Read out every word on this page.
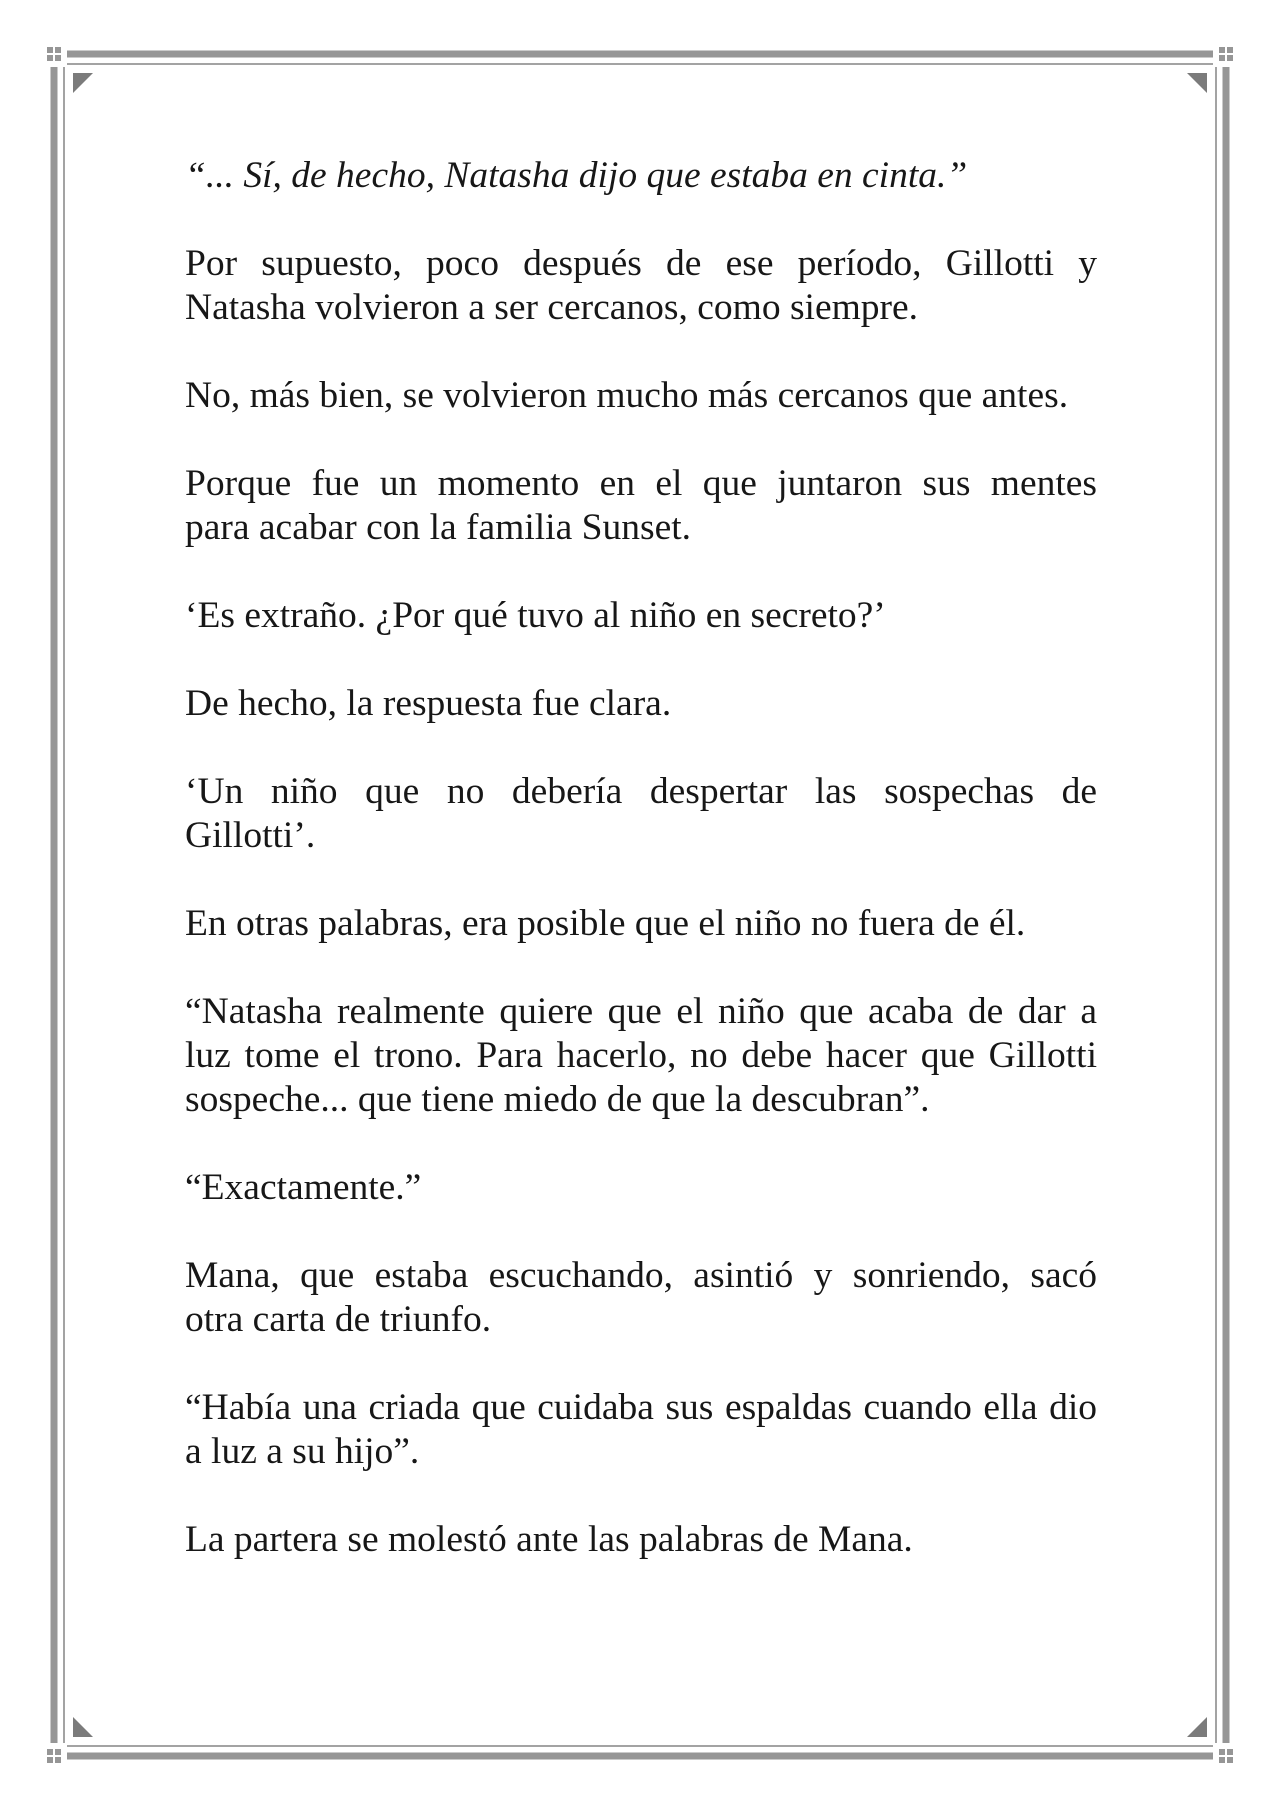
“... Sí, de hecho, Natasha dijo que estaba en cinta.”
Por supuesto, poco después de ese período, Gillotti y
Natasha volvieron a ser cercanos, como siempre.
No, más bien, se volvieron mucho más cercanos que antes.
Porque fue un momento en el que juntaron sus mentes
para acabar con la familia Sunset.
‘Es extraño. ¿Por qué tuvo al niño en secreto?’
De hecho, la respuesta fue clara.
‘Un niño que no debería despertar las sospechas de
Gillotti’.
En otras palabras, era posible que el niño no fuera de él.
“Natasha realmente quiere que el niño que acaba de dar a
luz tome el trono. Para hacerlo, no debe hacer que Gillotti
sospeche... que tiene miedo de que la descubran”.
“Exactamente.”
Mana, que estaba escuchando, asintió y sonriendo, sacó
otra carta de triunfo.
“Había una criada que cuidaba sus espaldas cuando ella dio
a luz a su hijo”.
La partera se molestó ante las palabras de Mana.
